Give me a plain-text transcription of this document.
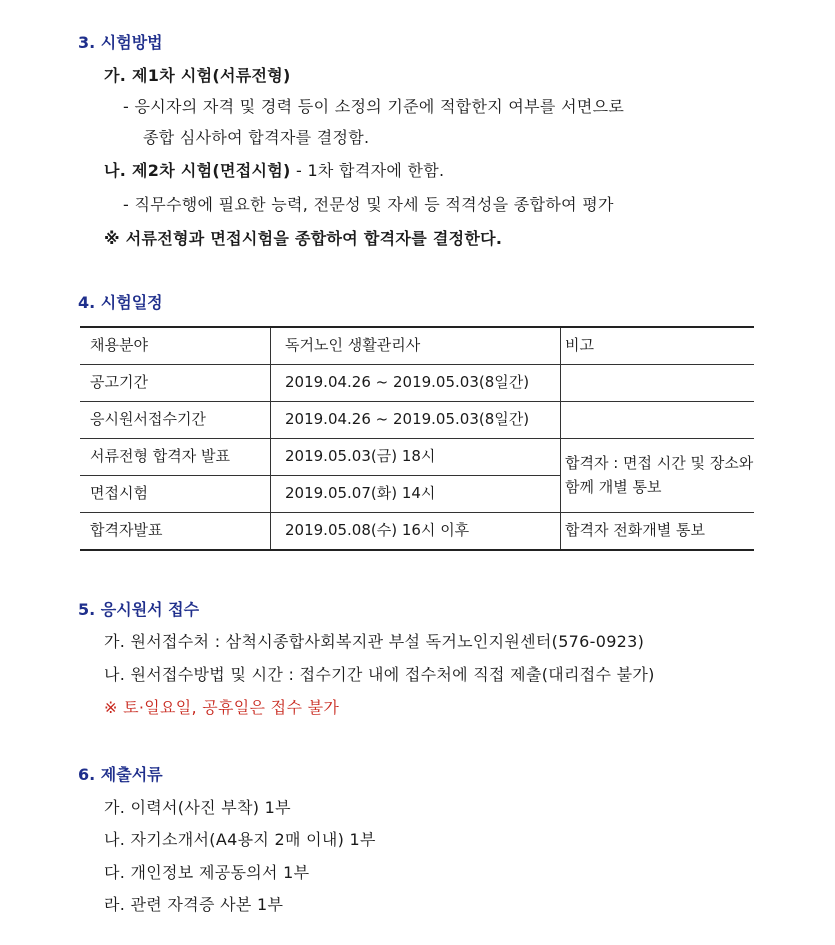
3. 시험방법
가. 제1차 시험(서류전형)
- 응시자의 자격 및 경력 등이 소정의 기준에 적합한지 여부를 서면으로
종합 심사하여 합격자를 결정함.
나. 제2차 시험(면접시험) - 1차 합격자에 한함.
- 직무수행에 필요한 능력, 전문성 및 자세 등 적격성을 종합하여 평가
※ 서류전형과 면접시험을 종합하여 합격자를 결정한다.
4. 시험일정
채용분야	독거노인 생활관리사	비고
공고기간	2019.04.26 ~ 2019.05.03(8일간)	
응시원서접수기간	2019.04.26 ~ 2019.05.03(8일간)	
서류전형 합격자 발표	2019.05.03(금) 18시	합격자 : 면접 시간 및 장소와 함께 개별 통보
면접시험	2019.05.07(화) 14시	
합격자발표	2019.05.08(수) 16시 이후	합격자 전화개별 통보
5. 응시원서 접수
가. 원서접수처 : 삼척시종합사회복지관 부설 독거노인지원센터(576-0923)
나. 원서접수방법 및 시간 : 접수기간 내에 접수처에 직접 제출(대리접수 불가)
※ 토·일요일, 공휴일은 접수 불가
6. 제출서류
가. 이력서(사진 부착) 1부
나. 자기소개서(A4용지 2매 이내) 1부
다. 개인정보 제공동의서 1부
라. 관련 자격증 사본 1부
